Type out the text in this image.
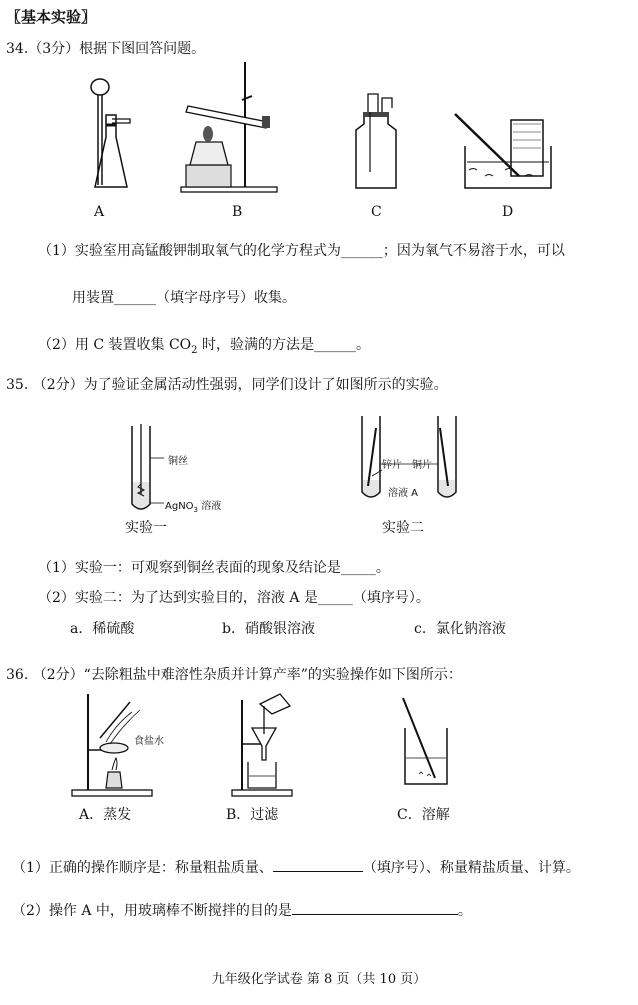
〖基本实验〗
34.（3分）根据下图回答问题。
A	B	C	D
（1）实验室用高锰酸钾制取氧气的化学方程式为______；因为氧气不易溶于水，可以
用装置______（填字母序号）收集。
（2）用 C 装置收集 $CO_2$ 时，验满的方法是______。
35. （2分）为了验证金属活动性强弱，同学们设计了如图所示的实验。
铜丝
AgNO$_3$ 溶液
实验一
锌片 铜片
溶液 A
实验二
（1）实验一：可观察到铜丝表面的现象及结论是_____。
（2）实验二：为了达到实验目的，溶液 A 是_____（填序号）。
a．稀硫酸	b．硝酸银溶液	c．氯化钠溶液
36. （2分）“去除粗盐中难溶性杂质并计算产率”的实验操作如下图所示：
食盐水
A．蒸发	B．过滤	C．溶解
（1）正确的操作顺序是：称量粗盐质量、	（填序号）、称量精盐质量、计算。
（2）操作 A 中，用玻璃棒不断搅拌的目的是	。
九年级化学试卷 第 8 页（共 10 页）
